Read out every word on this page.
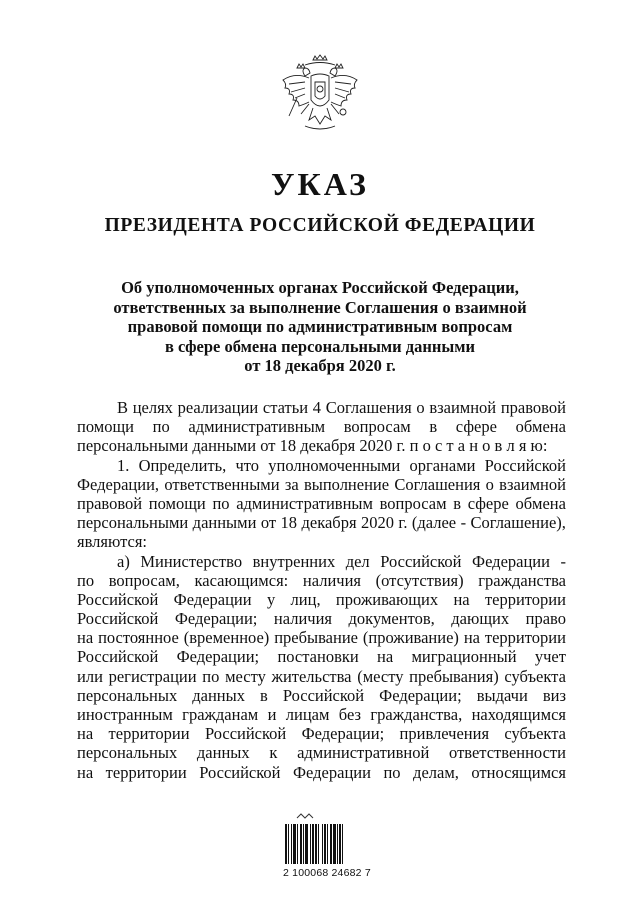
УКАЗ
ПРЕЗИДЕНТА РОССИЙСКОЙ ФЕДЕРАЦИИ
Об уполномоченных органах Российской Федерации,
ответственных за выполнение Соглашения о взаимной
правовой помощи по административным вопросам
в сфере обмена персональными данными
от 18 декабря 2020 г.
В целях реализации статьи 4 Соглашения о взаимной правовой
помощи по административным вопросам в сфере обмена
персональными данными от 18 декабря 2020 г. п о с т а н о в л я ю:
1. Определить, что уполномоченными органами Российской
Федерации, ответственными за выполнение Соглашения о взаимной
правовой помощи по административным вопросам в сфере обмена
персональными данными от 18 декабря 2020 г. (далее - Соглашение),
являются:
а) Министерство внутренних дел Российской Федерации -
по вопросам, касающимся: наличия (отсутствия) гражданства
Российской Федерации у лиц, проживающих на территории
Российской Федерации; наличия документов, дающих право
на постоянное (временное) пребывание (проживание) на территории
Российской Федерации; постановки на миграционный учет
или регистрации по месту жительства (месту пребывания) субъекта
персональных данных в Российской Федерации; выдачи виз
иностранным гражданам и лицам без гражданства, находящимся
на территории Российской Федерации; привлечения субъекта
персональных данных к административной ответственности
на территории Российской Федерации по делам, относящимся
2 100068 24682 7
